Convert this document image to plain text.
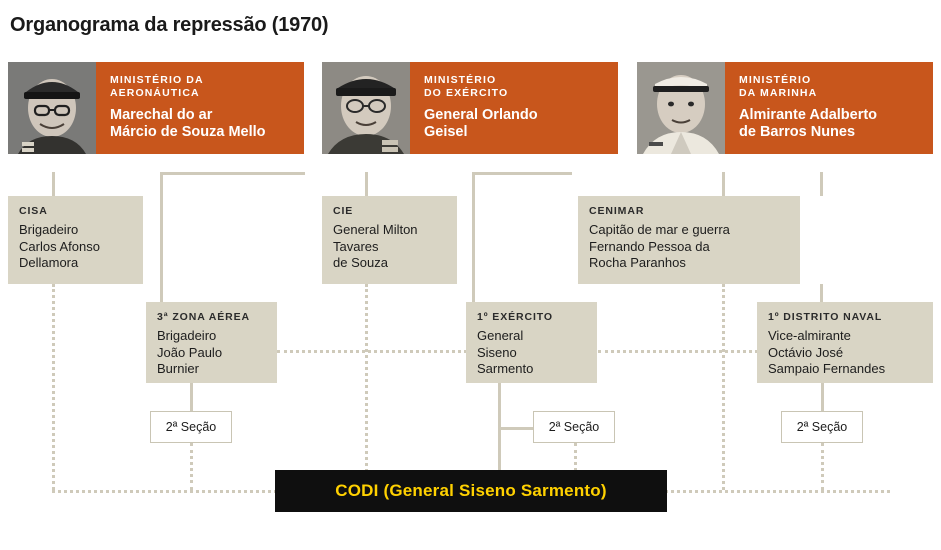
Organograma da repressão (1970)
MINISTÉRIO DA
AERONÁUTICA
Marechal do ar
Márcio de Souza Mello
MINISTÉRIO
DO EXÉRCITO
General Orlando
Geisel
MINISTÉRIO
DA MARINHA
Almirante Adalberto
de Barros Nunes
CISA
Brigadeiro
Carlos Afonso
Dellamora
CIE
General Milton
Tavares
de Souza
CENIMAR
Capitão de mar e guerra
Fernando Pessoa da
Rocha Paranhos
3ª ZONA AÉREA
Brigadeiro
João Paulo
Burnier
1º EXÉRCITO
General
Siseno
Sarmento
1º DISTRITO NAVAL
Vice-almirante
Octávio José
Sampaio Fernandes
2ª Seção	2ª Seção	2ª Seção
CODI (General Siseno Sarmento)
